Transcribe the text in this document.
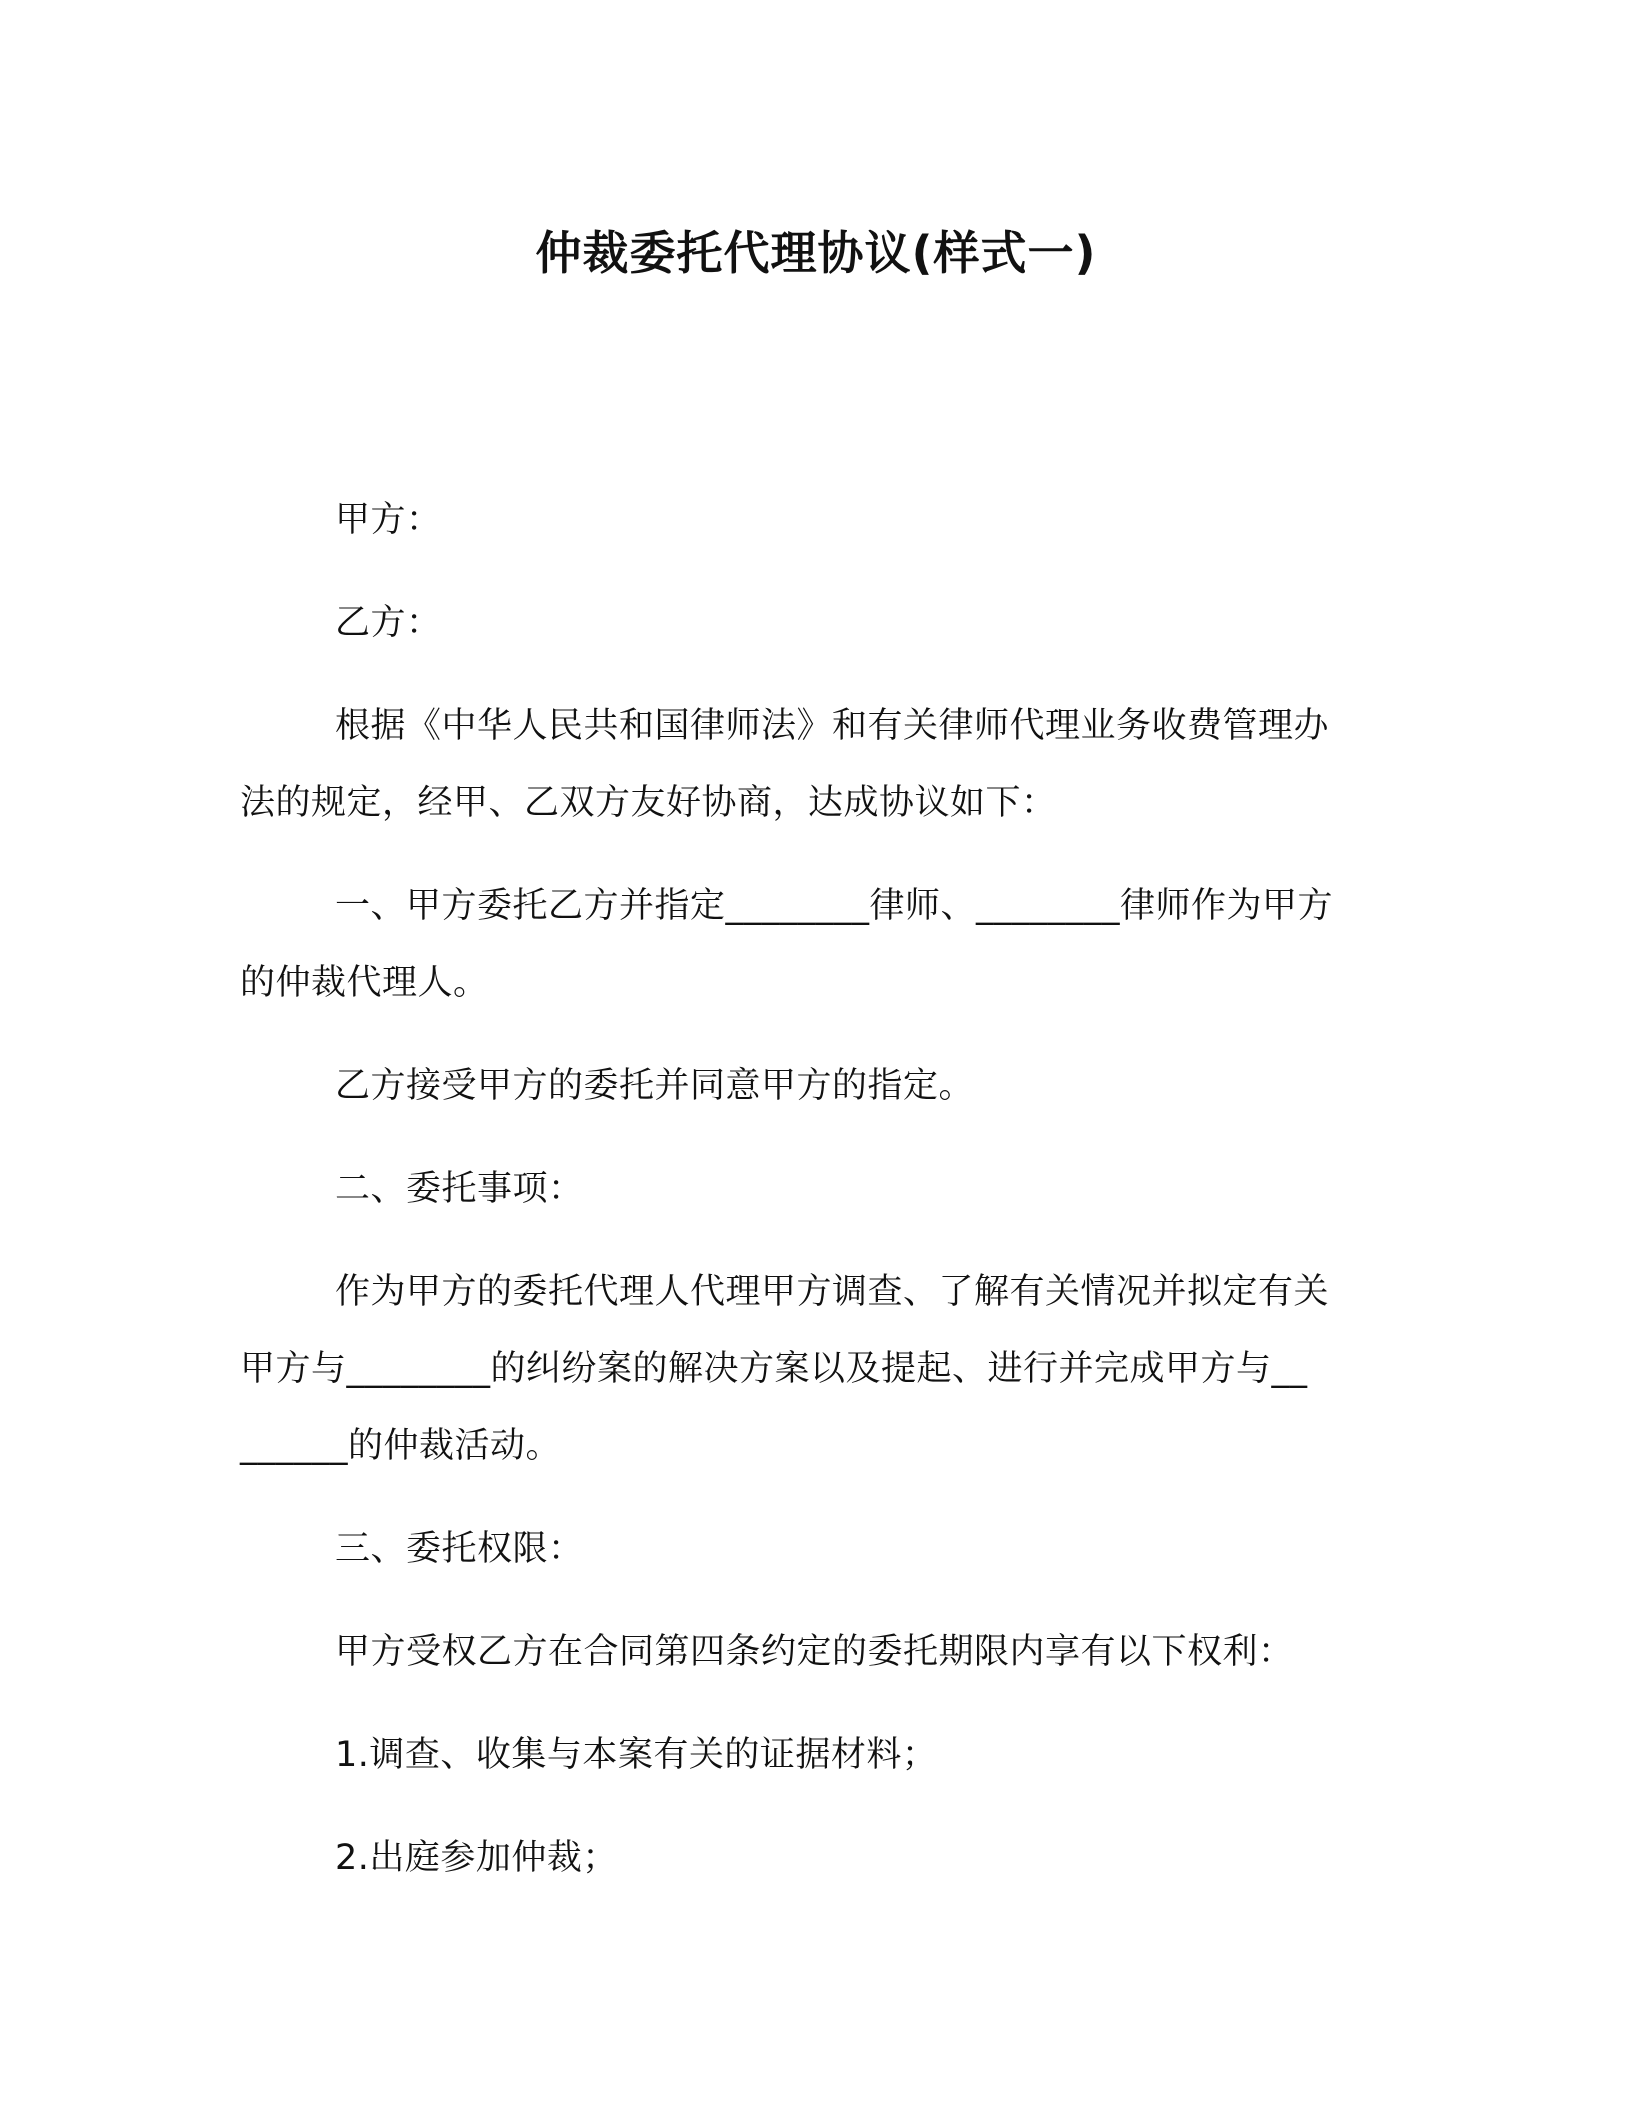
仲裁委托代理协议(样式一)
甲方：
乙方：
根据《中华人民共和国律师法》和有关律师代理业务收费管理办
法的规定，经甲、乙双方友好协商，达成协议如下：
一、甲方委托乙方并指定________律师、________律师作为甲方
的仲裁代理人。
乙方接受甲方的委托并同意甲方的指定。
二、委托事项：
作为甲方的委托代理人代理甲方调查、了解有关情况并拟定有关
甲方与________的纠纷案的解决方案以及提起、进行并完成甲方与__
______的仲裁活动。
三、委托权限：
甲方受权乙方在合同第四条约定的委托期限内享有以下权利：
1.调查、收集与本案有关的证据材料；
2.出庭参加仲裁；
